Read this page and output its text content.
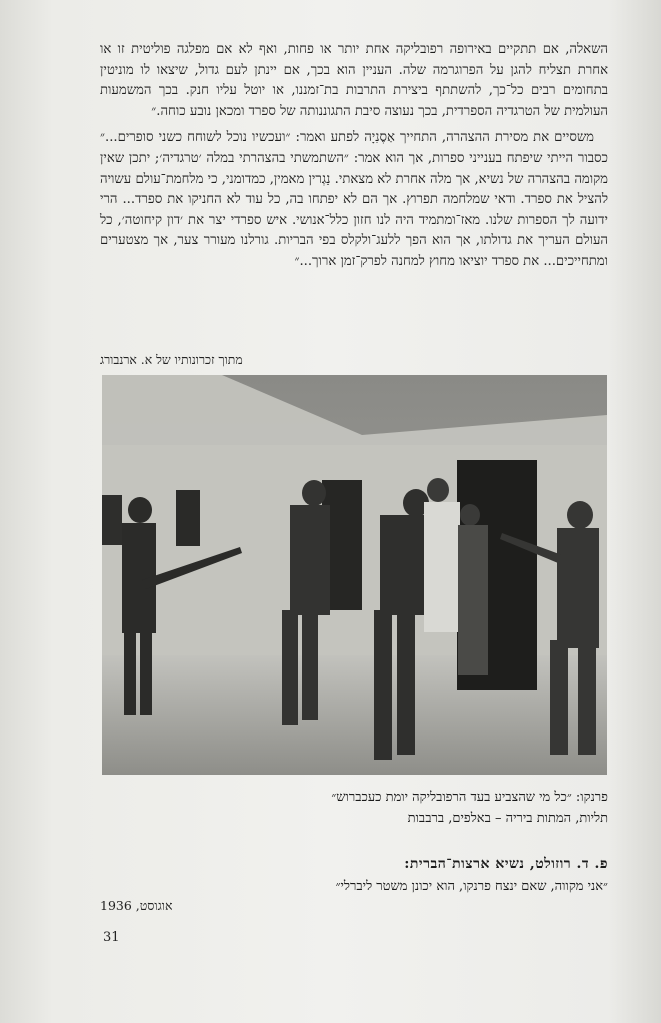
השאלה, אם תתקיים באירופה רפובליקה אחת יותר או פחות, ואף לא אם מפלגה פוליטית זו או אחרת תצליח להגן על הפרוגרמה שלה. העניין הוא בכך, אם יינתן לעם גדול, שיצאו לו מוניטין בתחומים רבים כל־כך, להשתתף ביצירת התרבות בת־זמננו, או יוטל עליו חנק. בכך המשמעות העולמית של הטרגדיה הספרדית, בכך נעוצה סיבת התגוננותה של ספרד ומכאן נובע כוחה.״

משסיים את מסירת ההצהרה, התחייך אַסֶנִיָה לפתע ואמר: ״ועכשיו נוכל לשוחח כשני סופרים...״ כסבור הייתי שיפתח בענייני ספרות, אך הוא אמר: ״השתמשתי בהצהרתי במלה ׳טרגדיה׳; יתכן שאין מקומה בהצהרה של נשיא, אך מלה אחרת לא מצאתי. נַגְרין מאמין, כמדומני, כי מלחמת־עולם עשויה להציל את ספרד. ודאי שמלחמה תפרוץ. אך הם לא יפתחו בה, כל עוד לא החניקו את ספרד... הרי ידועה לך הספרות שלנו. מאז־ומתמיד היה לנו חזון כלל־אנושי. איש ספרדי יצר את ׳דון קיחוטה׳, כל העולם העריך את גדולתו, אך הוא הפך ללעג־ולקלס בפי הבריות. גורלנו מעורר צער, אך מצטערים ומתחייכים... את ספרד יוציאו מחוץ למחנה לפרק־זמן ארוך...״

מתוך זכרונותיו של א. ארנבורג
פרנקו: ״כל מי שהצביע בעד הרפובליקה יומת כעכברוש״
תליות, המתות ביריה – באלפים, ברבבות
פ. ד. רוזולט, נשיא ארצות־הברית:
״אני מקווה, שאם ינצח פרנקו, הוא יכונן משטר ליברלי״
אוגוסט, 1936
31
